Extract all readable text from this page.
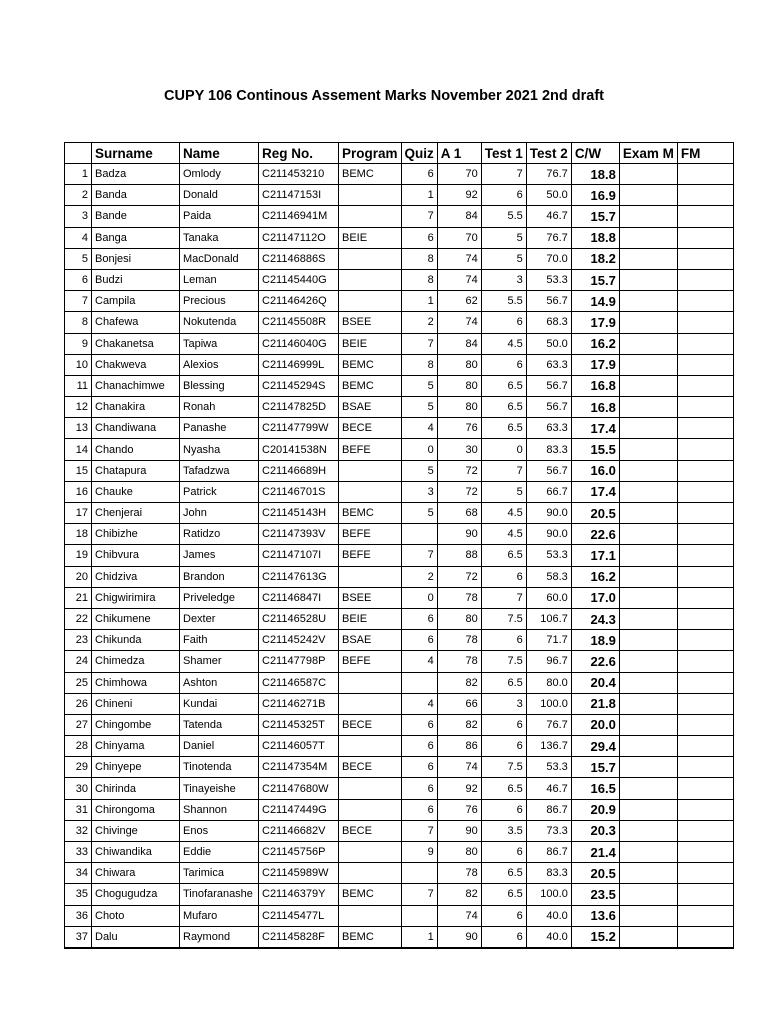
CUPY 106 Continous Assement Marks November 2021 2nd draft
	Surname	Name	Reg No.	Program	Quiz	A 1	Test 1	Test 2	C/W	Exam M	FM
1	Badza	Omlody	C211453210	BEMC	6	70	7	76.7	18.8		
2	Banda	Donald	C21147153I		1	92	6	50.0	16.9		
3	Bande	Paida	C21146941M		7	84	5.5	46.7	15.7		
4	Banga	Tanaka	C21147112O	BEIE	6	70	5	76.7	18.8		
5	Bonjesi	MacDonald	C21146886S		8	74	5	70.0	18.2		
6	Budzi	Leman	C21145440G		8	74	3	53.3	15.7		
7	Campila	Precious	C21146426Q		1	62	5.5	56.7	14.9		
8	Chafewa	Nokutenda	C21145508R	BSEE	2	74	6	68.3	17.9		
9	Chakanetsa	Tapiwa	C21146040G	BEIE	7	84	4.5	50.0	16.2		
10	Chakweva	Alexios	C21146999L	BEMC	8	80	6	63.3	17.9		
11	Chanachimwe	Blessing	C21145294S	BEMC	5	80	6.5	56.7	16.8		
12	Chanakira	Ronah	C21147825D	BSAE	5	80	6.5	56.7	16.8		
13	Chandiwana	Panashe	C21147799W	BECE	4	76	6.5	63.3	17.4		
14	Chando	Nyasha	C20141538N	BEFE	0	30	0	83.3	15.5		
15	Chatapura	Tafadzwa	C21146689H		5	72	7	56.7	16.0		
16	Chauke	Patrick	C21146701S		3	72	5	66.7	17.4		
17	Chenjerai	John	C21145143H	BEMC	5	68	4.5	90.0	20.5		
18	Chibizhe	Ratidzo	C21147393V	BEFE		90	4.5	90.0	22.6		
19	Chibvura	James	C21147107I	BEFE	7	88	6.5	53.3	17.1		
20	Chidziva	Brandon	C21147613G		2	72	6	58.3	16.2		
21	Chigwirimira	Priveledge	C21146847I	BSEE	0	78	7	60.0	17.0		
22	Chikumene	Dexter	C21146528U	BEIE	6	80	7.5	106.7	24.3		
23	Chikunda	Faith	C21145242V	BSAE	6	78	6	71.7	18.9		
24	Chimedza	Shamer	C21147798P	BEFE	4	78	7.5	96.7	22.6		
25	Chimhowa	Ashton	C21146587C			82	6.5	80.0	20.4		
26	Chineni	Kundai	C21146271B		4	66	3	100.0	21.8		
27	Chingombe	Tatenda	C21145325T	BECE	6	82	6	76.7	20.0		
28	Chinyama	Daniel	C21146057T		6	86	6	136.7	29.4		
29	Chinyepe	Tinotenda	C21147354M	BECE	6	74	7.5	53.3	15.7		
30	Chirinda	Tinayeishe	C21147680W		6	92	6.5	46.7	16.5		
31	Chirongoma	Shannon	C21147449G		6	76	6	86.7	20.9		
32	Chivinge	Enos	C21146682V	BECE	7	90	3.5	73.3	20.3		
33	Chiwandika	Eddie	C21145756P		9	80	6	86.7	21.4		
34	Chiwara	Tarimica	C21145989W			78	6.5	83.3	20.5		
35	Chogugudza	Tinofaranashe	C21146379Y	BEMC	7	82	6.5	100.0	23.5		
36	Choto	Mufaro	C21145477L			74	6	40.0	13.6		
37	Dalu	Raymond	C21145828F	BEMC	1	90	6	40.0	15.2		
